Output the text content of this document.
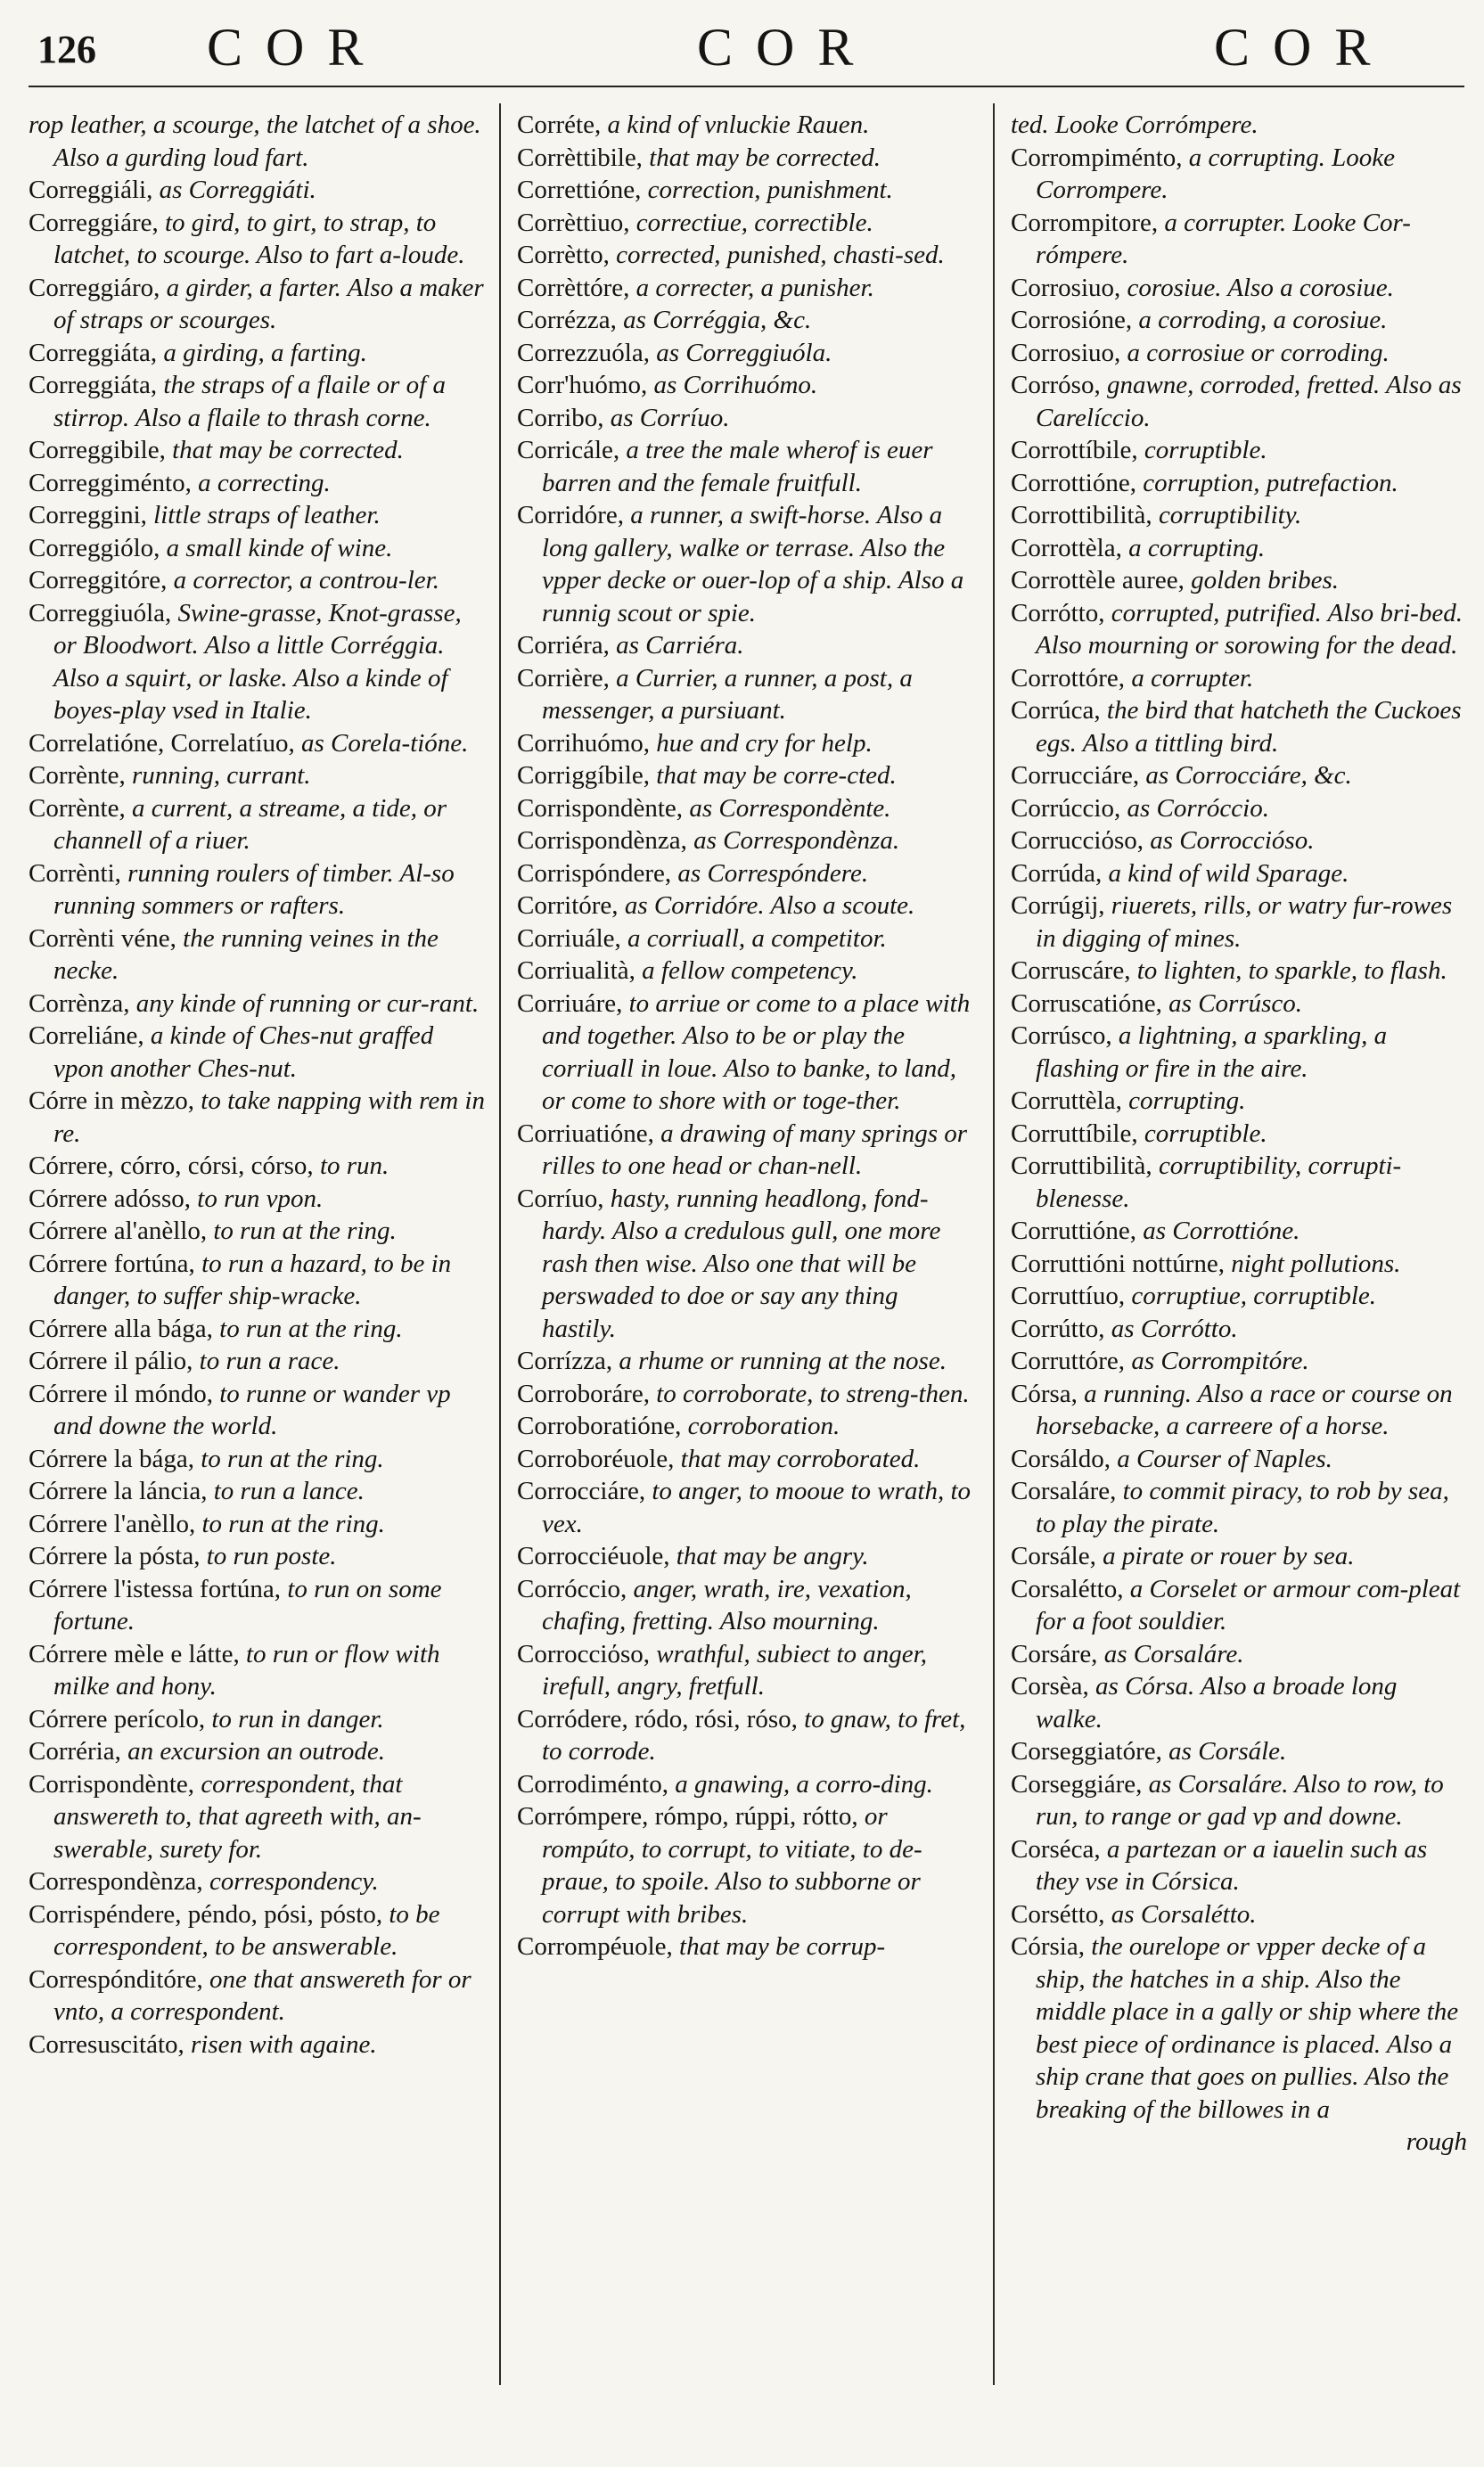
126 COR	COR	COR

rop leather, a scourge, the latchet of a shoe. Also a gurding loud fart.

Correggiáli, as Correggiáti.

Correggiáre, to gird, to girt, to strap, to latchet, to scourge. Also to fart a-loude.

Correggiáro, a girder, a farter. Also a maker of straps or scourges.

Correggiáta, a girding, a farting.

Correggiáta, the straps of a flaile or of a stirrop. Also a flaile to thrash corne.

Correggibile, that may be corrected.

Correggiménto, a correcting.

Correggini, little straps of leather.

Correggiólo, a small kinde of wine.

Correggitóre, a corrector, a controu-ler.

Correggiuóla, Swine-grasse, Knot-grasse, or Bloodwort. Also a little Corréggia. Also a squirt, or laske. Also a kinde of boyes-play vsed in Italie.

Correlatióne, Correlatíuo, as Corela-tióne.

Corrènte, running, currant.

Corrènte, a current, a streame, a tide, or channell of a riuer.

Corrènti, running roulers of timber. Al-so running sommers or rafters.

Corrènti véne, the running veines in the necke.

Corrènza, any kinde of running or cur-rant.

Correliáne, a kinde of Ches-nut graffed vpon another Ches-nut.

Córre in mèzzo, to take napping with rem in re.

Córrere, córro, córsi, córso, to run.

Córrere adósso, to run vpon.

Córrere al'anèllo, to run at the ring.

Córrere fortúna, to run a hazard, to be in danger, to suffer ship-wracke.

Córrere alla bága, to run at the ring.

Córrere il pálio, to run a race.

Córrere il móndo, to runne or wander vp and downe the world.

Córrere la bága, to run at the ring.

Córrere la láncia, to run a lance.

Córrere l'anèllo, to run at the ring.

Córrere la pósta, to run poste.

Córrere l'istessa fortúna, to run on some fortune.

Córrere mèle e látte, to run or flow with milke and hony.

Córrere perícolo, to run in danger.

Corréria, an excursion an outrode.

Corrispondènte, correspondent, that answereth to, that agreeth with, an-swerable, surety for.

Correspondènza, correspondency.

Corrispéndere, péndo, pósi, pósto, to be correspondent, to be answerable.

Correspónditóre, one that answereth for or vnto, a correspondent.

Corresuscitáto, risen with againe.

Corréte, a kind of vnluckie Rauen.

Corrèttibile, that may be corrected.

Correttióne, correction, punishment.

Corrèttiuo, correctiue, correctible.

Corrètto, corrected, punished, chasti-sed.

Corrèttóre, a correcter, a punisher.

Corrézza, as Corréggia, &c.

Correzzuóla, as Correggiuóla.

Corr'huómo, as Corrihuómo.

Corribo, as Corríuo.

Corricále, a tree the male wherof is euer barren and the female fruitfull.

Corridóre, a runner, a swift-horse. Also a long gallery, walke or terrase. Also the vpper decke or ouer-lop of a ship. Also a runnig scout or spie.

Corriéra, as Carriéra.

Corrière, a Currier, a runner, a post, a messenger, a pursiuant.

Corrihuómo, hue and cry for help.

Corriggíbile, that may be corre-cted.

Corrispondènte, as Correspondènte.

Corrispondènza, as Correspondènza.

Corrispóndere, as Correspóndere.

Corritóre, as Corridóre. Also a scoute.

Corriuále, a corriuall, a competitor.

Corriualità, a fellow competency.

Corriuáre, to arriue or come to a place with and together. Also to be or play the corriuall in loue. Also to banke, to land, or come to shore with or toge-ther.

Corriuatióne, a drawing of many springs or rilles to one head or chan-nell.

Corríuo, hasty, running headlong, fond-hardy. Also a credulous gull, one more rash then wise. Also one that will be perswaded to doe or say any thing hastily.

Corrízza, a rhume or running at the nose.

Corroboráre, to corroborate, to streng-then.

Corroboratióne, corroboration.

Corroboréuole, that may corroborated.

Corrocciáre, to anger, to mooue to wrath, to vex.

Corrocciéuole, that may be angry.

Corróccio, anger, wrath, ire, vexation, chafing, fretting. Also mourning.

Corrocciόso, wrathful, subiect to anger, irefull, angry, fretfull.

Corródere, ródo, rósi, róso, to gnaw, to fret, to corrode.

Corrodiménto, a gnawing, a corro-ding.

Corrómpere, rómpo, rúppi, rótto, or rompúto, to corrupt, to vitiate, to de-praue, to spoile. Also to subborne or corrupt with bribes.

Corrompéuole, that may be corrup-

ted. Looke Corrómpere.

Corrompiménto, a corrupting. Looke Corrompere.

Corrompitore, a corrupter. Looke Cor-rómpere.

Corrosiuo, corosiue. Also a corosiue.

Corrosióne, a corroding, a corosiue.

Corrosiuo, a corrosiue or corroding.

Corróso, gnawne, corroded, fretted. Also as Carelíccio.

Corrottíbile, corruptible.

Corrottióne, corruption, putrefaction.

Corrottibilità, corruptibility.

Corrottèla, a corrupting.

Corrottèle auree, golden bribes.

Corrótto, corrupted, putrified. Also bri-bed. Also mourning or sorowing for the dead.

Corrottóre, a corrupter.

Corrúca, the bird that hatcheth the Cuckoes egs. Also a tittling bird.

Corrucciáre, as Corrocciáre, &c.

Corrúccio, as Corróccio.

Corrucciόso, as Corroccióso.

Corrúda, a kind of wild Sparage.

Corrúgij, riuerets, rills, or watry fur-rowes in digging of mines.

Corruscáre, to lighten, to sparkle, to flash.

Corruscatióne, as Corrúsco.

Corrúsco, a lightning, a sparkling, a flashing or fire in the aire.

Corruttèla, corrupting.

Corruttíbile, corruptible.

Corruttibilità, corruptibility, corrupti-blenesse.

Corruttióne, as Corrottióne.

Corruttióni nottúrne, night pollutions.

Corruttíuo, corruptiue, corruptible.

Corrútto, as Corrótto.

Corruttóre, as Corrompitóre.

Córsa, a running. Also a race or course on horsebacke, a carreere of a horse.

Corsáldo, a Courser of Naples.

Corsaláre, to commit piracy, to rob by sea, to play the pirate.

Corsále, a pirate or rouer by sea.

Corsalétto, a Corselet or armour com-pleat for a foot souldier.

Corsáre, as Corsaláre.

Corsèa, as Córsa. Also a broade long walke.

Corseggiatóre, as Corsále.

Corseggiáre, as Corsaláre. Also to row, to run, to range or gad vp and downe.

Corséca, a partezan or a iauelin such as they vse in Córsica.

Corsétto, as Corsalétto.

Córsia, the ourelope or vpper decke of a ship, the hatches in a ship. Also the middle place in a gally or ship where the best piece of ordinance is placed. Also a ship crane that goes on pullies. Also the breaking of the billowes in a

rough
